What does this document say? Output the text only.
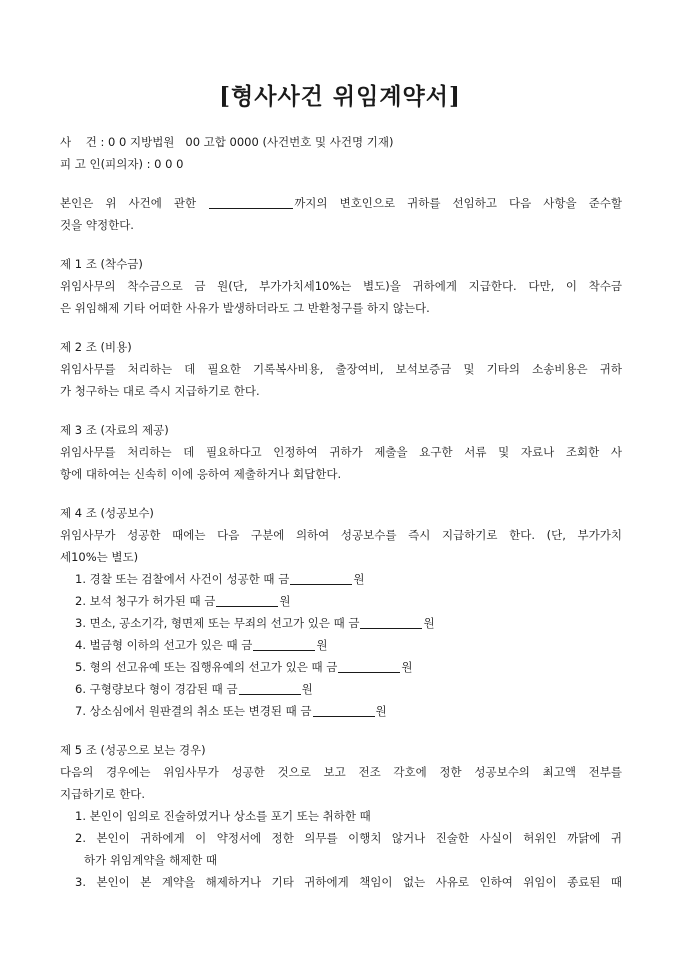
[형사사건 위임계약서]
사    건 : 0 0 지방법원   00 고합 0000 (사건번호 및 사건명 기재)
피 고 인(피의자) : 0 0 0
본인은 위 사건에 관한	까지의 변호인으로 귀하를 선임하고 다음 사항을 준수할
것을 약정한다.
제 1 조 (착수금)
위임사무의 착수금으로 금 원(단, 부가가치세10%는 별도)을 귀하에게 지급한다. 다만, 이 착수금
은 위임해제 기타 어떠한 사유가 발생하더라도 그 반환청구를 하지 않는다.
제 2 조 (비용)
위임사무를 처리하는 데 필요한 기록복사비용, 출장여비, 보석보증금 및 기타의 소송비용은 귀하
가 청구하는 대로 즉시 지급하기로 한다.
제 3 조 (자료의 제공)
위임사무를 처리하는 데 필요하다고 인정하여 귀하가 제출을 요구한 서류 및 자료나 조회한 사
항에 대하여는 신속히 이에 응하여 제출하거나 회답한다.
제 4 조 (성공보수)
위임사무가 성공한 때에는 다음 구분에 의하여 성공보수를 즉시 지급하기로 한다. (단, 부가가치
세10%는 별도)
1. 경찰 또는 검찰에서 사건이 성공한 때 금	원
2. 보석 청구가 허가된 때 금	원
3. 면소, 공소기각, 형면제 또는 무죄의 선고가 있은 때 금	원
4. 벌금형 이하의 선고가 있은 때 금	원
5. 형의 선고유예 또는 집행유예의 선고가 있은 때 금	원
6. 구형량보다 형이 경감된 때 금	원
7. 상소심에서 원판결의 취소 또는 변경된 때 금	원
제 5 조 (성공으로 보는 경우)
다음의 경우에는 위임사무가 성공한 것으로 보고 전조 각호에 정한 성공보수의 최고액 전부를
지급하기로 한다.
1. 본인이 임의로 진술하였거나 상소를 포기 또는 취하한 때
2. 본인이 귀하에게 이 약정서에 정한 의무를 이행치 않거나 진술한 사실이 허위인 까닭에 귀
하가 위임계약을 해제한 때
3. 본인이 본 계약을 해제하거나 기타 귀하에게 책임이 없는 사유로 인하여 위임이 종료된 때
